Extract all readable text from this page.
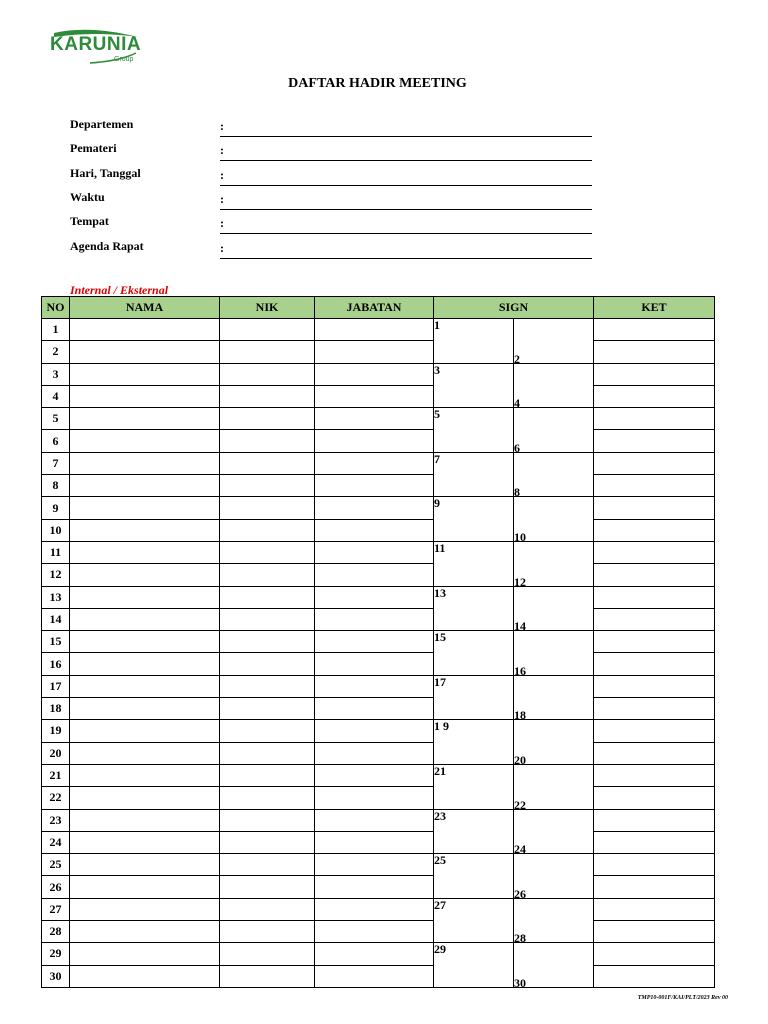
KARUNIA
Group
DAFTAR HADIR MEETING
Departemen	:
Pemateri	:
Hari, Tanggal	:
Waktu	:
Tempat	:
Agenda Rapat	:
Internal / Eksternal
NO	NAMA	NIK	JABATAN	SIGN		KET
1				1		

2					2	

3				3		

4					4	

5				5		

6					6	

7				7		

8					8	

9				9		

10					10	

11				11		

12					12	

13				13		

14					14	

15				15		

16					16	

17				17		

18					18	

19				1 9		

20					20	

21				21		

22					22	

23				23		

24					24	

25				25		

26					26	

27				27		

28					28	

29				29		

30					30	

TMP10-001F/KAI/PLT/2023 Rev 00
